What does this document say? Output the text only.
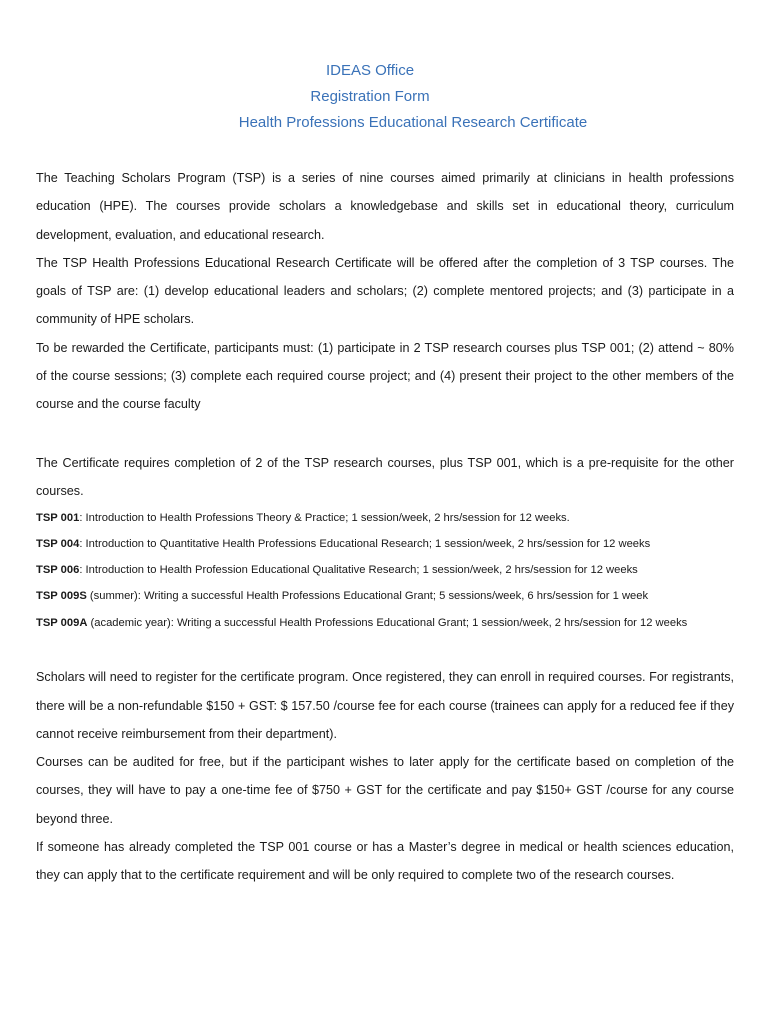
IDEAS Office
Registration Form
Health Professions Educational Research Certificate

The Teaching Scholars Program (TSP) is a series of nine courses aimed primarily at clinicians in health professions education (HPE). The courses provide scholars a knowledgebase and skills set in educational theory, curriculum development, evaluation, and educational research.

The TSP Health Professions Educational Research Certificate will be offered after the completion of 3 TSP courses. The goals of TSP are: (1) develop educational leaders and scholars; (2) complete mentored projects; and (3) participate in a community of HPE scholars.

To be rewarded the Certificate, participants must: (1) participate in 2 TSP research courses plus TSP 001; (2) attend ~ 80% of the course sessions; (3) complete each required course project; and (4) present their project to the other members of the course and the course faculty

The Certificate requires completion of 2 of the TSP research courses, plus TSP 001, which is a pre-requisite for the other courses.

TSP 001: Introduction to Health Professions Theory & Practice; 1 session/week, 2 hrs/session for 12 weeks.

TSP 004: Introduction to Quantitative Health Professions Educational Research; 1 session/week, 2 hrs/session for 12 weeks

TSP 006: Introduction to Health Profession Educational Qualitative Research; 1 session/week, 2 hrs/session for 12 weeks

TSP 009S (summer): Writing a successful Health Professions Educational Grant; 5 sessions/week, 6 hrs/session for 1 week

TSP 009A (academic year): Writing a successful Health Professions Educational Grant; 1 session/week, 2 hrs/session for 12 weeks

Scholars will need to register for the certificate program. Once registered, they can enroll in required courses. For registrants, there will be a non-refundable $150 + GST: $ 157.50 /course fee for each course (trainees can apply for a reduced fee if they cannot receive reimbursement from their department).

Courses can be audited for free, but if the participant wishes to later apply for the certificate based on completion of the courses, they will have to pay a one-time fee of $750 + GST for the certificate and pay $150+ GST /course for any course beyond three.

If someone has already completed the TSP 001 course or has a Master’s degree in medical or health sciences education, they can apply that to the certificate requirement and will be only required to complete two of the research courses.
